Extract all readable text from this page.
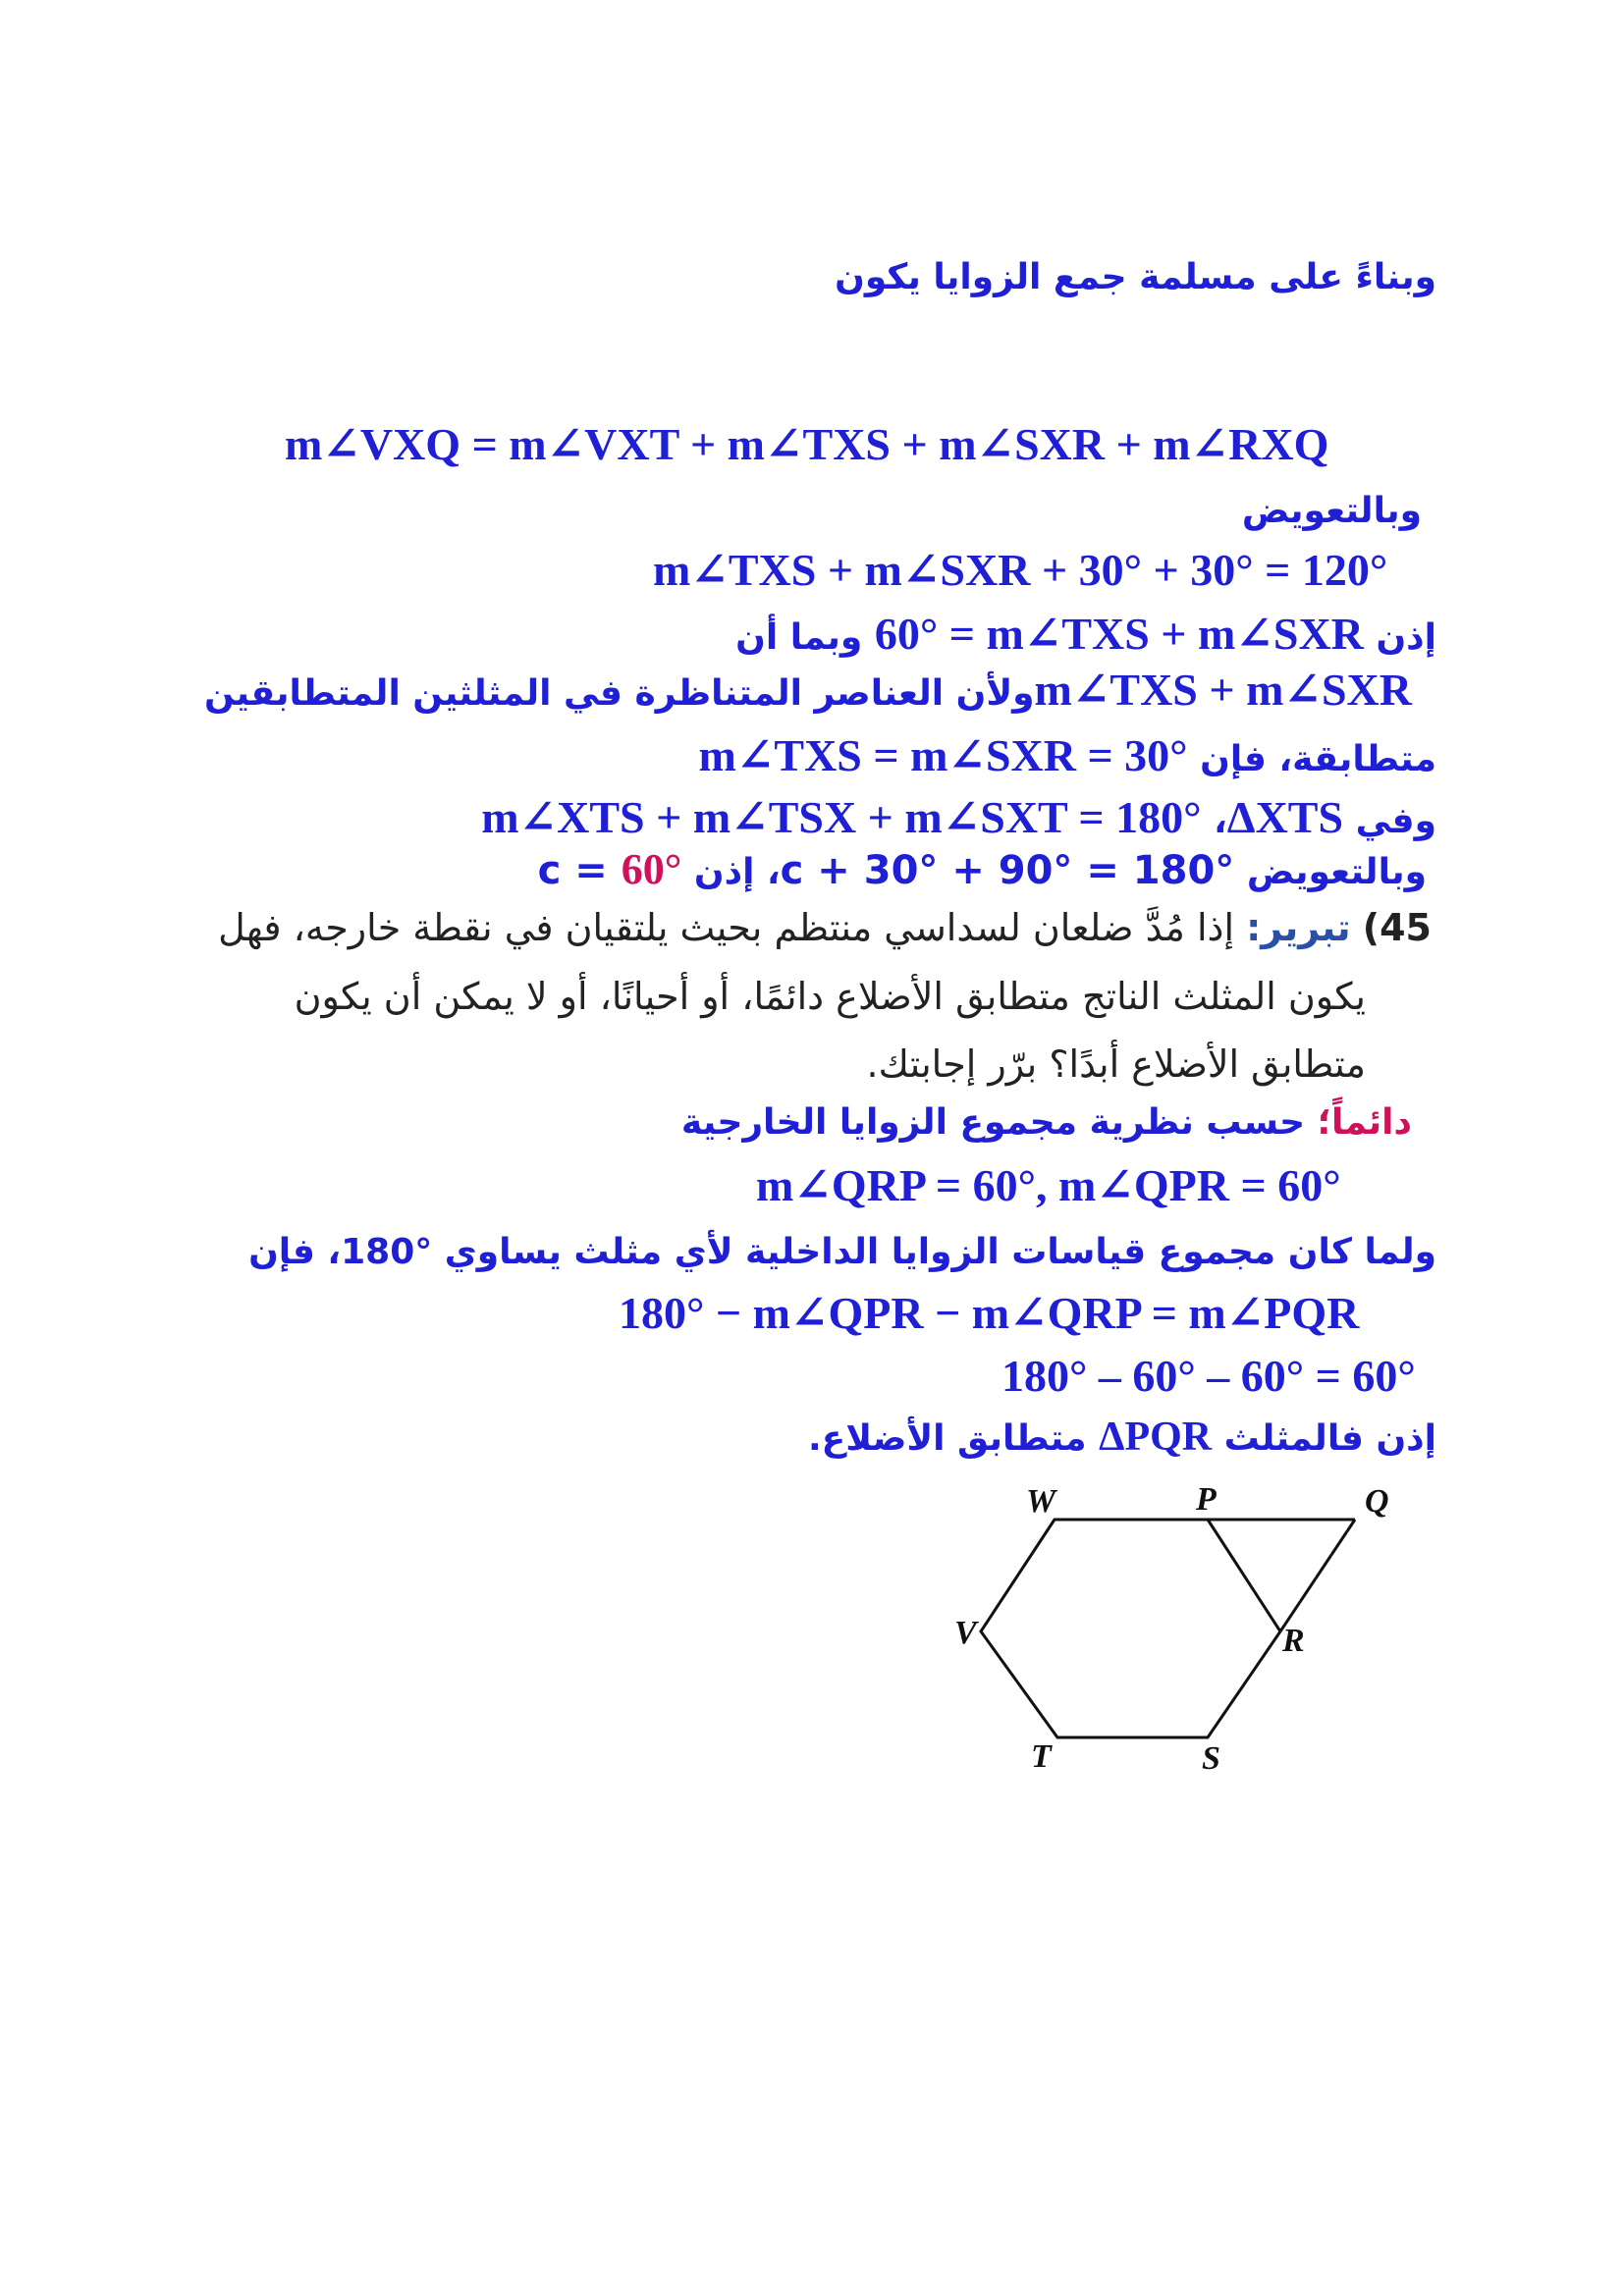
وبناءً على مسلمة جمع الزوايا يكون
m∠VXQ = m∠VXT + m∠TXS + m∠SXR + m∠RXQ
وبالتعويض
m∠TXS + m∠SXR + 30° + 30° = 120°
إذن 60° = m∠TXS + m∠SXR وبما أن
m∠TXS + m∠SXRولأن العناصر المتناظرة في المثلثين المتطابقين
متطابقة، فإن m∠TXS = m∠SXR = 30°
وفي ΔXTS، m∠XTS + m∠TSX + m∠SXT = 180°
وبالتعويض c + 30° + 90° = 180°، إذن c = 60°
45) تبرير: إذا مُدَّ ضلعان لسداسي منتظم بحيث يلتقيان في نقطة خارجه، فهل
يكون المثلث الناتج متطابق الأضلاع دائمًا، أو أحيانًا، أو لا يمكن أن يكون
متطابق الأضلاع أبدًا؟ برّر إجابتك.
دائماً؛ حسب نظرية مجموع الزوايا الخارجية
m∠QRP = 60°, m∠QPR = 60°
ولما كان مجموع قياسات الزوايا الداخلية لأي مثلث يساوي °180، فإن
180° − m∠QPR − m∠QRP = m∠PQR
180° – 60° – 60° = 60°
إذن فالمثلث ΔPQR متطابق الأضلاع.
W	P	Q
V	R
T	S
